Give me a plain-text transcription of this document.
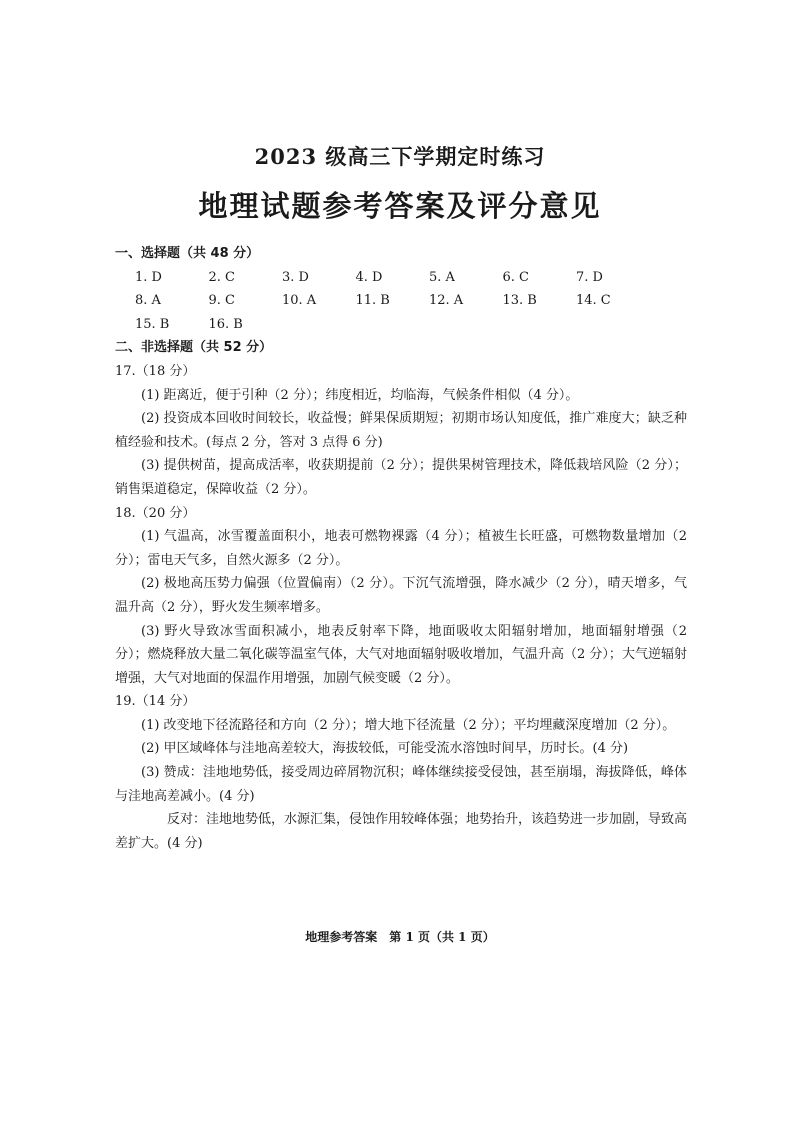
2023 级高三下学期定时练习
地理试题参考答案及评分意见
一、选择题（共 48 分）
1. D	2. C	3. D	4. D	5. A	6. C	7. D
8. A	9. C	10. A	11. B	12. A	13. B	14. C
15. B	16. B
二、非选择题（共 52 分）
17.（18 分）
(1) 距离近，便于引种（2 分）；纬度相近，均临海，气候条件相似（4 分）。
(2) 投资成本回收时间较长，收益慢；鲜果保质期短；初期市场认知度低，推广难度大；缺乏种植经验和技术。(每点 2 分，答对 3 点得 6 分)
(3) 提供树苗，提高成活率，收获期提前（2 分）；提供果树管理技术，降低栽培风险（2 分）；销售渠道稳定，保障收益（2 分）。
18.（20 分）
(1) 气温高，冰雪覆盖面积小，地表可燃物裸露（4 分）；植被生长旺盛，可燃物数量增加（2 分）；雷电天气多，自然火源多（2 分）。
(2) 极地高压势力偏强（位置偏南）（2 分）。下沉气流增强，降水减少（2 分），晴天增多，气温升高（2 分），野火发生频率增多。
(3) 野火导致冰雪面积减小，地表反射率下降，地面吸收太阳辐射增加，地面辐射增强（2 分）；燃烧释放大量二氧化碳等温室气体，大气对地面辐射吸收增加，气温升高（2 分）；大气逆辐射增强，大气对地面的保温作用增强，加剧气候变暖（2 分）。
19.（14 分）
(1) 改变地下径流路径和方向（2 分）；增大地下径流量（2 分）；平均埋藏深度增加（2 分）。
(2) 甲区域峰体与洼地高差较大，海拔较低，可能受流水溶蚀时间早，历时长。(4 分)
(3) 赞成：洼地地势低，接受周边碎屑物沉积；峰体继续接受侵蚀，甚至崩塌，海拔降低，峰体与洼地高差减小。(4 分)
反对：洼地地势低，水源汇集，侵蚀作用较峰体强；地势抬升，该趋势进一步加剧，导致高差扩大。(4 分)
地理参考答案　第 1 页（共 1 页）
